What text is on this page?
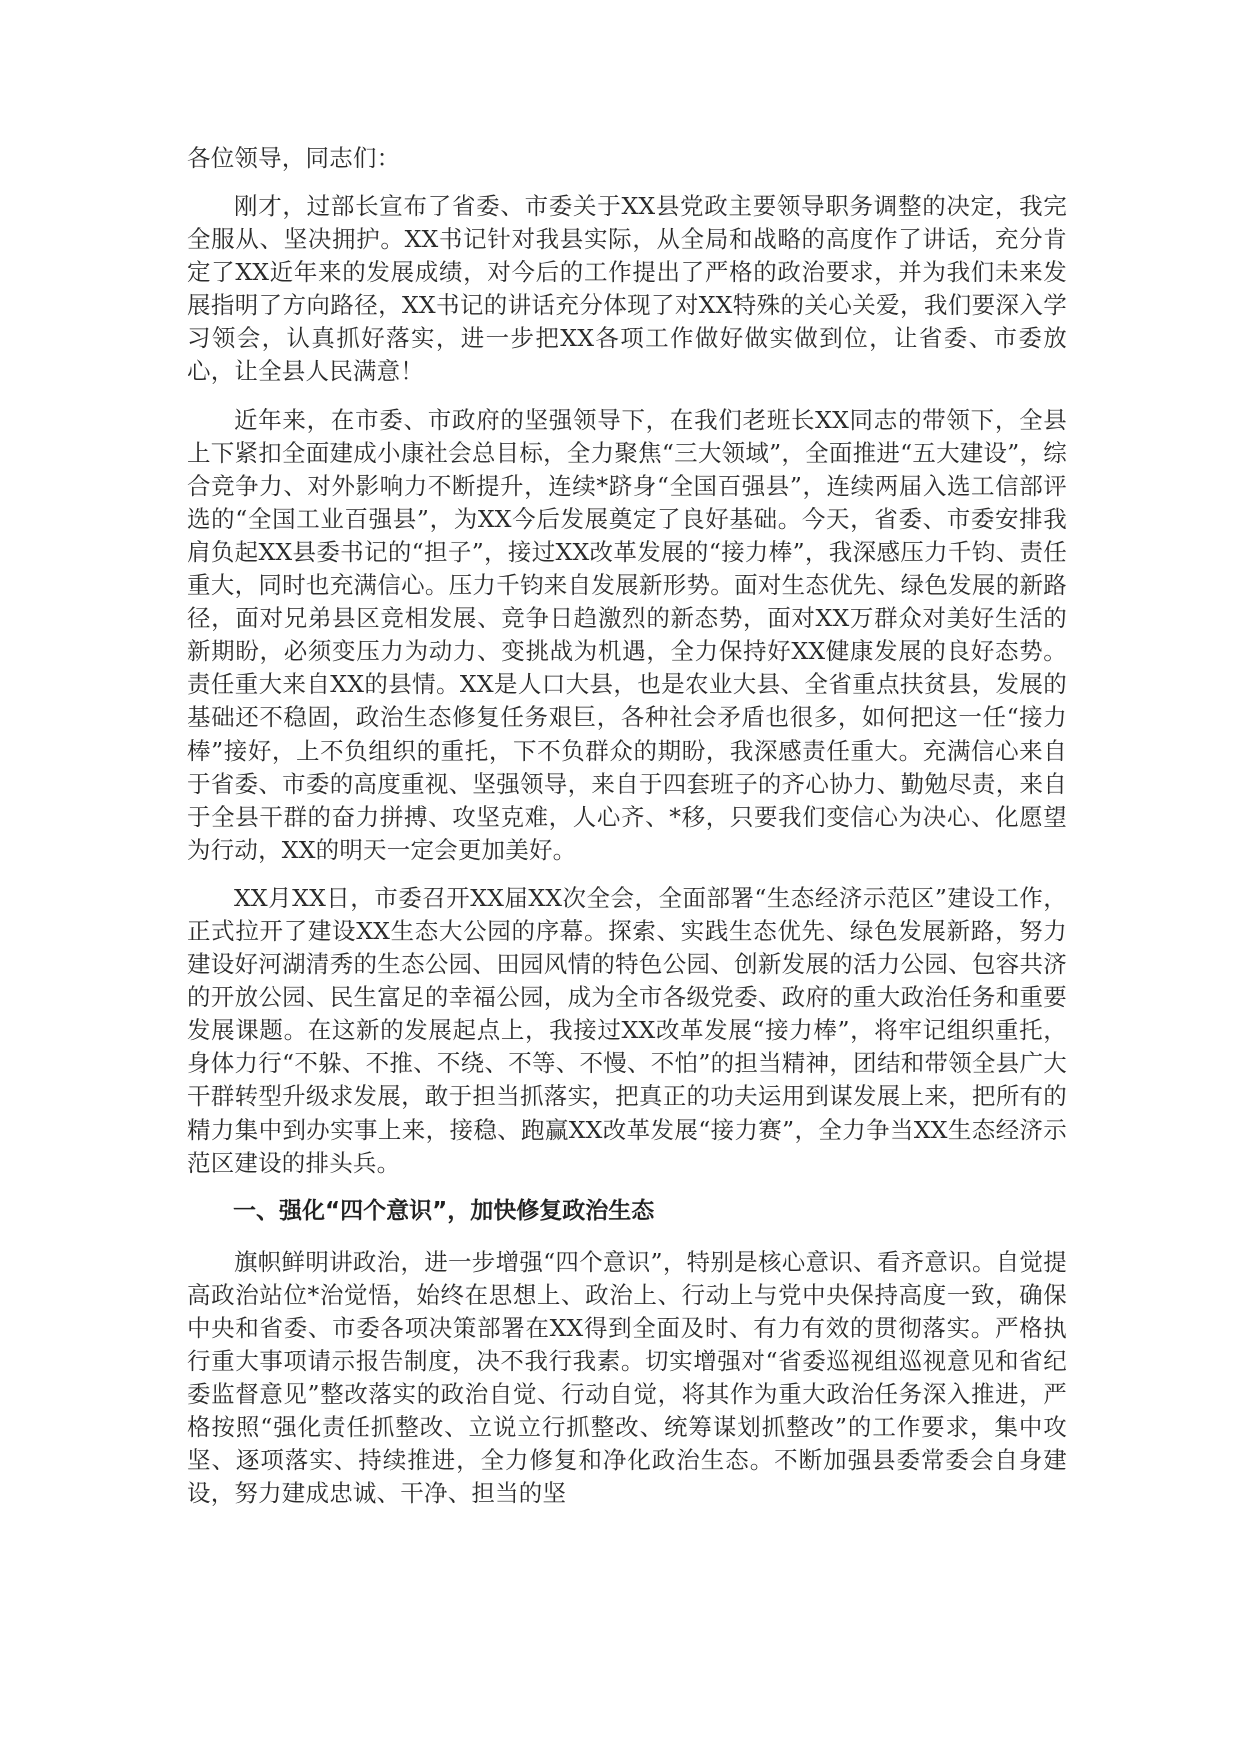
各位领导，同志们：

刚才，过部长宣布了省委、市委关于XX县党政主要领导职务调整的决定，我完全服从、坚决拥护。XX书记针对我县实际，从全局和战略的高度作了讲话，充分肯定了XX近年来的发展成绩，对今后的工作提出了严格的政治要求，并为我们未来发展指明了方向路径，XX书记的讲话充分体现了对XX特殊的关心关爱，我们要深入学习领会，认真抓好落实，进一步把XX各项工作做好做实做到位，让省委、市委放心，让全县人民满意！

近年来，在市委、市政府的坚强领导下，在我们老班长XX同志的带领下，全县上下紧扣全面建成小康社会总目标，全力聚焦“三大领域”，全面推进“五大建设”，综合竞争力、对外影响力不断提升，连续*跻身“全国百强县”，连续两届入选工信部评选的“全国工业百强县”，为XX今后发展奠定了良好基础。今天，省委、市委安排我肩负起XX县委书记的“担子”，接过XX改革发展的“接力棒”，我深感压力千钧、责任重大，同时也充满信心。压力千钧来自发展新形势。面对生态优先、绿色发展的新路径，面对兄弟县区竞相发展、竞争日趋激烈的新态势，面对XX万群众对美好生活的新期盼，必须变压力为动力、变挑战为机遇，全力保持好XX健康发展的良好态势。责任重大来自XX的县情。XX是人口大县，也是农业大县、全省重点扶贫县，发展的基础还不稳固，政治生态修复任务艰巨，各种社会矛盾也很多，如何把这一任“接力棒”接好，上不负组织的重托，下不负群众的期盼，我深感责任重大。充满信心来自于省委、市委的高度重视、坚强领导，来自于四套班子的齐心协力、勤勉尽责，来自于全县干群的奋力拼搏、攻坚克难，人心齐、*移，只要我们变信心为决心、化愿望为行动，XX的明天一定会更加美好。

XX月XX日，市委召开XX届XX次全会，全面部署“生态经济示范区”建设工作，正式拉开了建设XX生态大公园的序幕。探索、实践生态优先、绿色发展新路，努力建设好河湖清秀的生态公园、田园风情的特色公园、创新发展的活力公园、包容共济的开放公园、民生富足的幸福公园，成为全市各级党委、政府的重大政治任务和重要发展课题。在这新的发展起点上，我接过XX改革发展“接力棒”，将牢记组织重托，身体力行“不躲、不推、不绕、不等、不慢、不怕”的担当精神，团结和带领全县广大干群转型升级求发展，敢于担当抓落实，把真正的功夫运用到谋发展上来，把所有的精力集中到办实事上来，接稳、跑赢XX改革发展“接力赛”，全力争当XX生态经济示范区建设的排头兵。

一、强化“四个意识”，加快修复政治生态

旗帜鲜明讲政治，进一步增强“四个意识”，特别是核心意识、看齐意识。自觉提高政治站位*治觉悟，始终在思想上、政治上、行动上与党中央保持高度一致，确保中央和省委、市委各项决策部署在XX得到全面及时、有力有效的贯彻落实。严格执行重大事项请示报告制度，决不我行我素。切实增强对“省委巡视组巡视意见和省纪委监督意见”整改落实的政治自觉、行动自觉，将其作为重大政治任务深入推进，严格按照“强化责任抓整改、立说立行抓整改、统筹谋划抓整改”的工作要求，集中攻坚、逐项落实、持续推进，全力修复和净化政治生态。不断加强县委常委会自身建设，努力建成忠诚、干净、担当的坚
